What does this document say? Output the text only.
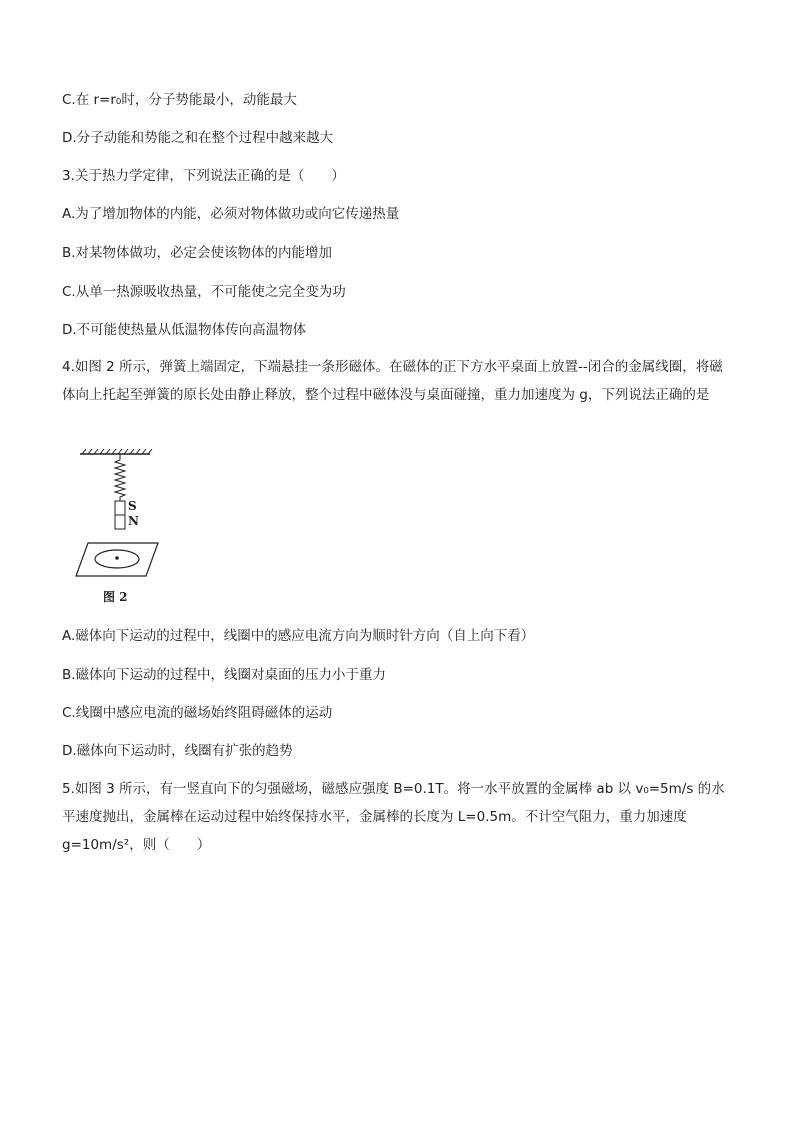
C.在 r=r₀时，分子势能最小，动能最大
D.分子动能和势能之和在整个过程中越来越大
3.关于热力学定律，下列说法正确的是（　　）
A.为了增加物体的内能，必须对物体做功或向它传递热量
B.对某物体做功，必定会使该物体的内能增加
C.从单一热源吸收热量，不可能使之完全变为功
D.不可能使热量从低温物体传向高温物体
4.如图 2 所示，弹簧上端固定，下端悬挂一条形磁体。在磁体的正下方水平桌面上放置--闭合的金属线圈，将磁体向上托起至弹簧的原长处由静止释放，整个过程中磁体没与桌面碰撞，重力加速度为 g，下列说法正确的是
S
N
图 2
A.磁体向下运动的过程中，线圈中的感应电流方向为顺时针方向（自上向下看）
B.磁体向下运动的过程中，线圈对桌面的压力小于重力
C.线圈中感应电流的磁场始终阻碍磁体的运动
D.磁体向下运动时，线圈有扩张的趋势
5.如图 3 所示，有一竖直向下的匀强磁场，磁感应强度 B=0.1T。将一水平放置的金属棒 ab 以 v₀=5m/s 的水平速度抛出，金属棒在运动过程中始终保持水平，金属棒的长度为 L=0.5m。不计空气阻力，重力加速度 g=10m/s²，则（　　）
